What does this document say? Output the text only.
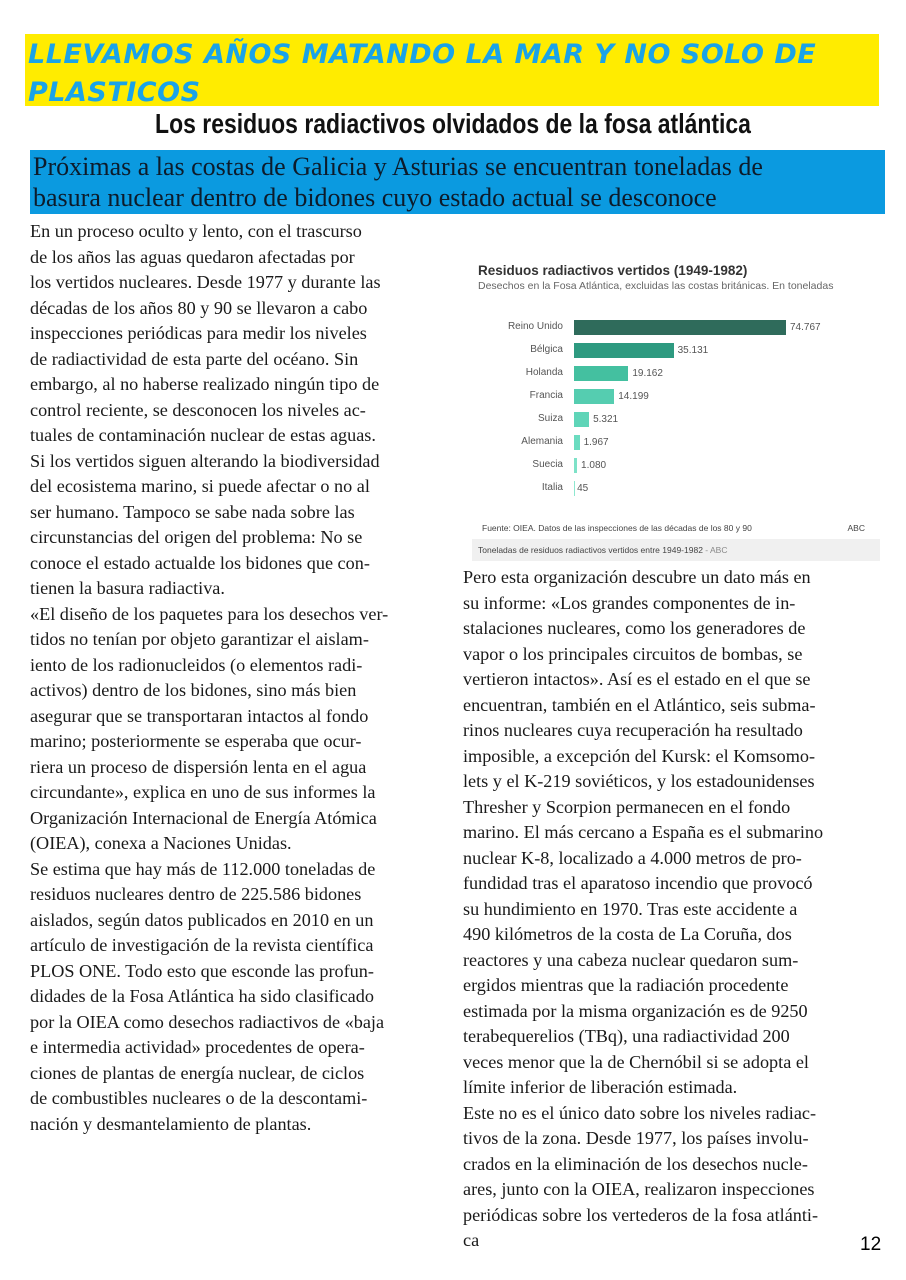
LLEVAMOS AÑOS MATANDO LA MAR Y NO SOLO DE
PLASTICOS
Los residuos radiactivos olvidados de la fosa atlántica
Próximas a las costas de Galicia y Asturias se encuentran toneladas de
basura nuclear dentro de bidones cuyo estado actual se desconoce
En un proceso oculto y lento, con el trascurso
de los años las aguas quedaron afectadas por
los vertidos nucleares. Desde 1977 y durante las
décadas de los años 80 y 90 se llevaron a cabo
inspecciones periódicas para medir los niveles
de radiactividad de esta parte del océano. Sin
embargo, al no haberse realizado ningún tipo de
control reciente, se desconocen los niveles ac-
tuales de contaminación nuclear de estas aguas.
Si los vertidos siguen alterando la biodiversidad
del ecosistema marino, si puede afectar o no al
ser humano. Tampoco se sabe nada sobre las
circunstancias del origen del problema: No se
conoce el estado actualde los bidones que con-
tienen la basura radiactiva.
«El diseño de los paquetes para los desechos ver-
tidos no tenían por objeto garantizar el aislam-
iento de los radionucleidos (o elementos radi-
activos) dentro de los bidones, sino más bien
asegurar que se transportaran intactos al fondo
marino; posteriormente se esperaba que ocur-
riera un proceso de dispersión lenta en el agua
circundante», explica en uno de sus informes la
Organización Internacional de Energía Atómica
(OIEA), conexa a Naciones Unidas.
Se estima que hay más de 112.000 toneladas de
residuos nucleares dentro de 225.586 bidones
aislados, según datos publicados en 2010 en un
artículo de investigación de la revista científica
PLOS ONE. Todo esto que esconde las profun-
didades de la Fosa Atlántica ha sido clasificado
por la OIEA como desechos radiactivos de «baja
e intermedia actividad» procedentes de opera-
ciones de plantas de energía nuclear, de ciclos
de combustibles nucleares o de la descontami-
nación y desmantelamiento de plantas.
Residuos radiactivos vertidos (1949-1982)
Desechos en la Fosa Atlántica, excluidas las costas británicas. En toneladas
Fuente: OIEA. Datos de las inspecciones de las décadas de los 80 y 90	ABC
Toneladas de residuos radiactivos vertidos entre 1949-1982 - ABC
Reino Unido	74.767
Bélgica	35.131
Holanda	19.162
Francia	14.199
Suiza	5.321
Alemania 1.967
Suecia 1.080
Italia 45
Pero esta organización descubre un dato más en
su informe: «Los grandes componentes de in-
stalaciones nucleares, como los generadores de
vapor o los principales circuitos de bombas, se
vertieron intactos». Así es el estado en el que se
encuentran, también en el Atlántico, seis subma-
rinos nucleares cuya recuperación ha resultado
imposible, a excepción del Kursk: el Komsomo-
lets y el K-219 soviéticos, y los estadounidenses
Thresher y Scorpion permanecen en el fondo
marino. El más cercano a España es el submarino
nuclear K-8, localizado a 4.000 metros de pro-
fundidad tras el aparatoso incendio que provocó
su hundimiento en 1970. Tras este accidente a
490 kilómetros de la costa de La Coruña, dos
reactores y una cabeza nuclear quedaron sum-
ergidos mientras que la radiación procedente
estimada por la misma organización es de 9250
terabequerelios (TBq), una radiactividad 200
veces menor que la de Chernóbil si se adopta el
límite inferior de liberación estimada.
Este no es el único dato sobre los niveles radiac-
tivos de la zona. Desde 1977, los países involu-
crados en la eliminación de los desechos nucle-
ares, junto con la OIEA, realizaron inspecciones
periódicas sobre los vertederos de la fosa atlánti-
ca	12
